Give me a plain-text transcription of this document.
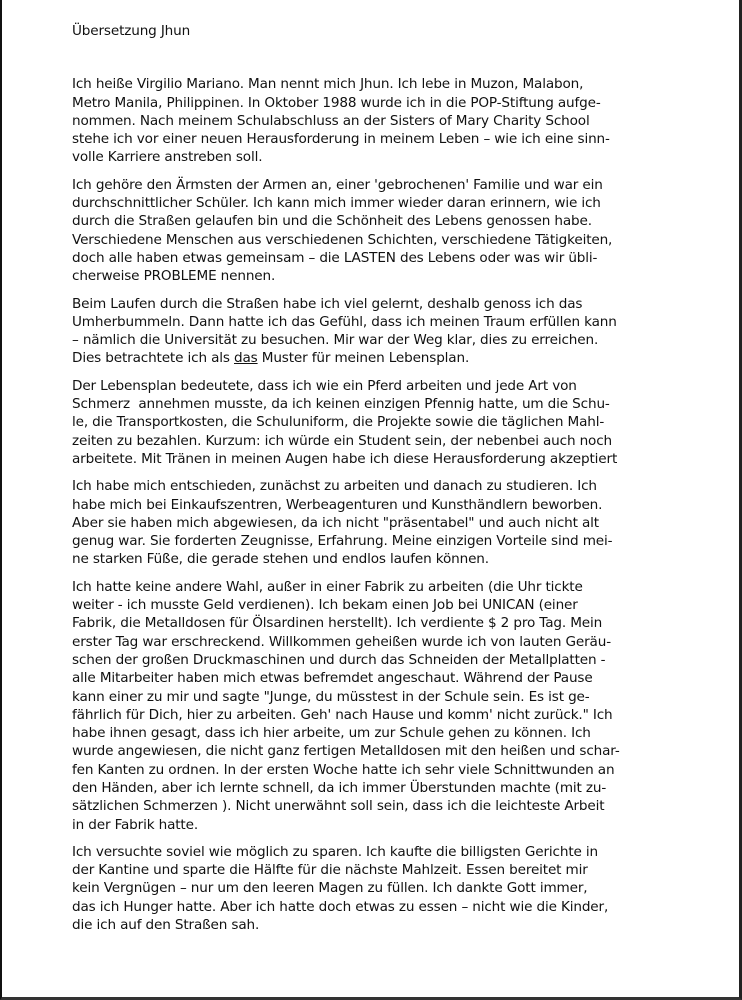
Übersetzung Jhun

Ich heiße Virgilio Mariano. Man nennt mich Jhun. Ich lebe in Muzon, Malabon,
Metro Manila, Philippinen. In Oktober 1988 wurde ich in die POP-Stiftung aufge-
nommen. Nach meinem Schulabschluss an der Sisters of Mary Charity School
stehe ich vor einer neuen Herausforderung in meinem Leben – wie ich eine sinn-
volle Karriere anstreben soll.

Ich gehöre den Ärmsten der Armen an, einer 'gebrochenen' Familie und war ein
durchschnittlicher Schüler. Ich kann mich immer wieder daran erinnern, wie ich
durch die Straßen gelaufen bin und die Schönheit des Lebens genossen habe.
Verschiedene Menschen aus verschiedenen Schichten, verschiedene Tätigkeiten,
doch alle haben etwas gemeinsam – die LASTEN des Lebens oder was wir übli-
cherweise PROBLEME nennen.

Beim Laufen durch die Straßen habe ich viel gelernt, deshalb genoss ich das
Umherbummeln. Dann hatte ich das Gefühl, dass ich meinen Traum erfüllen kann
– nämlich die Universität zu besuchen. Mir war der Weg klar, dies zu erreichen.
Dies betrachtete ich als das Muster für meinen Lebensplan.

Der Lebensplan bedeutete, dass ich wie ein Pferd arbeiten und jede Art von
Schmerz  annehmen musste, da ich keinen einzigen Pfennig hatte, um die Schu-
le, die Transportkosten, die Schuluniform, die Projekte sowie die täglichen Mahl-
zeiten zu bezahlen. Kurzum: ich würde ein Student sein, der nebenbei auch noch
arbeitete. Mit Tränen in meinen Augen habe ich diese Herausforderung akzeptiert

Ich habe mich entschieden, zunächst zu arbeiten und danach zu studieren. Ich
habe mich bei Einkaufszentren, Werbeagenturen und Kunsthändlern beworben.
Aber sie haben mich abgewiesen, da ich nicht "präsentabel" und auch nicht alt
genug war. Sie forderten Zeugnisse, Erfahrung. Meine einzigen Vorteile sind mei-
ne starken Füße, die gerade stehen und endlos laufen können.

Ich hatte keine andere Wahl, außer in einer Fabrik zu arbeiten (die Uhr tickte
weiter - ich musste Geld verdienen). Ich bekam einen Job bei UNICAN (einer
Fabrik, die Metalldosen für Ölsardinen herstellt). Ich verdiente $ 2 pro Tag. Mein
erster Tag war erschreckend. Willkommen geheißen wurde ich von lauten Geräu-
schen der großen Druckmaschinen und durch das Schneiden der Metallplatten -
alle Mitarbeiter haben mich etwas befremdet angeschaut. Während der Pause
kann einer zu mir und sagte "Junge, du müsstest in der Schule sein. Es ist ge-
fährlich für Dich, hier zu arbeiten. Geh' nach Hause und komm' nicht zurück." Ich
habe ihnen gesagt, dass ich hier arbeite, um zur Schule gehen zu können. Ich
wurde angewiesen, die nicht ganz fertigen Metalldosen mit den heißen und schar-
fen Kanten zu ordnen. In der ersten Woche hatte ich sehr viele Schnittwunden an
den Händen, aber ich lernte schnell, da ich immer Überstunden machte (mit zu-
sätzlichen Schmerzen ). Nicht unerwähnt soll sein, dass ich die leichteste Arbeit
in der Fabrik hatte.

Ich versuchte soviel wie möglich zu sparen. Ich kaufte die billigsten Gerichte in
der Kantine und sparte die Hälfte für die nächste Mahlzeit. Essen bereitet mir
kein Vergnügen – nur um den leeren Magen zu füllen. Ich dankte Gott immer,
das ich Hunger hatte. Aber ich hatte doch etwas zu essen – nicht wie die Kinder,
die ich auf den Straßen sah.
